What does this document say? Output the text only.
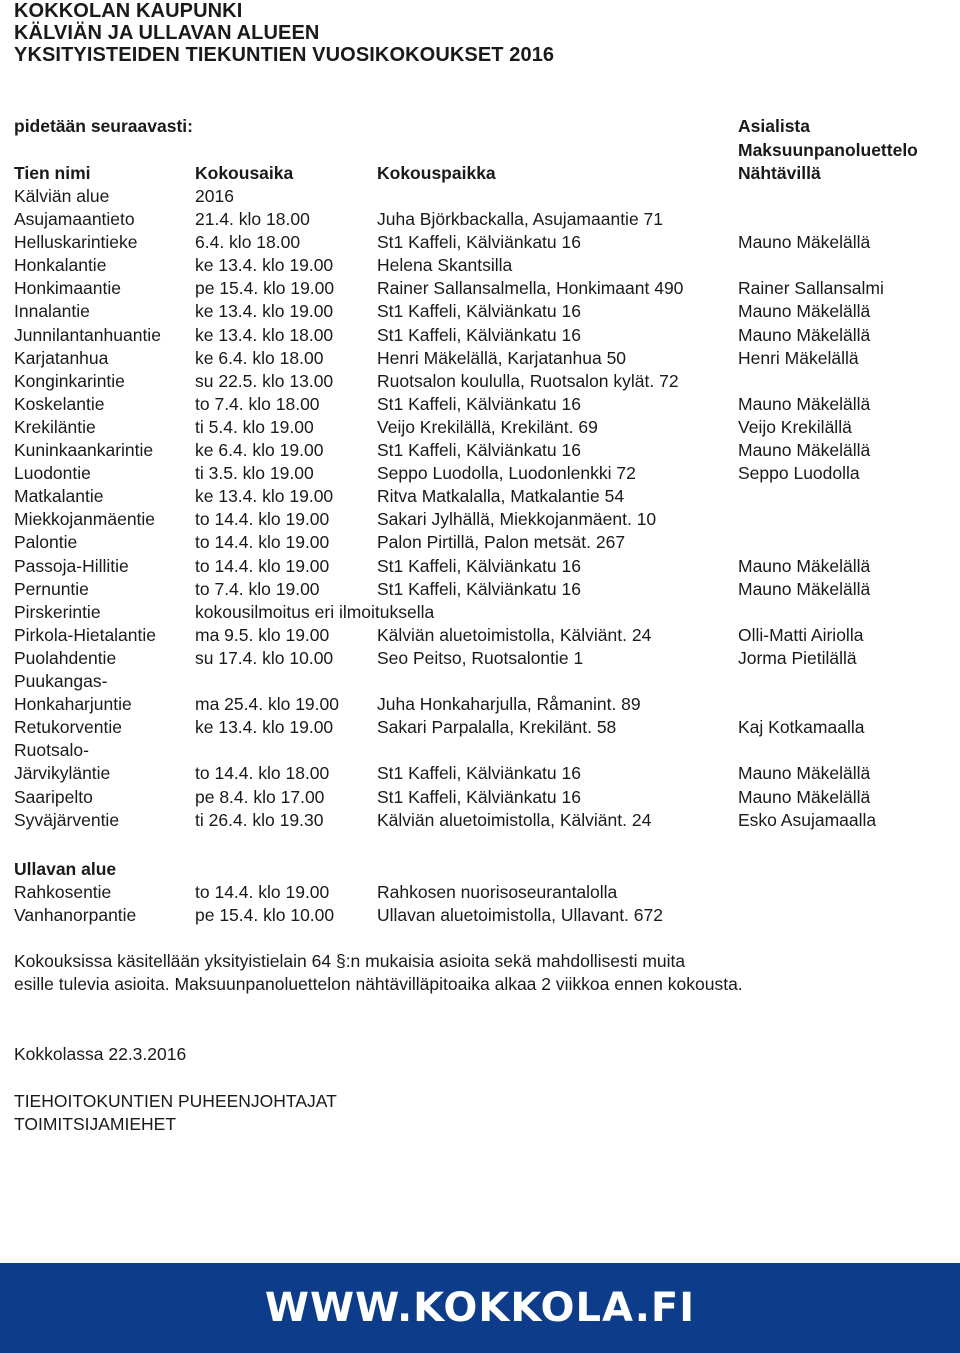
KOKKOLAN KAUPUNKI
KÄLVIÄN JA ULLAVAN ALUEEN
YKSITYISTEIDEN TIEKUNTIEN VUOSIKOKOUKSET 2016
pidetään seuraavasti:	Asialista
Maksuunpanoluettelo
Tien nimi	Kokousaika	Kokouspaikka	Nähtävillä
Kälviän alue	2016
Asujamaantieto	21.4. klo 18.00	Juha Björkbackalla, Asujamaantie 71
Helluskarintieke	6.4. klo 18.00	St1 Kaffeli, Kälviänkatu 16	Mauno Mäkelällä
Honkalantie	ke 13.4. klo 19.00	Helena Skantsilla
Honkimaantie	pe 15.4. klo 19.00 Rainer Sallansalmella, Honkimaant 490	Rainer Sallansalmi
Innalantie	ke 13.4. klo 19.00	St1 Kaffeli, Kälviänkatu 16	Mauno Mäkelällä
Junnilantanhuantie ke 13.4. klo 18.00	St1 Kaffeli, Kälviänkatu 16	Mauno Mäkelällä
Karjatanhua	ke 6.4. klo 18.00	Henri Mäkelällä, Karjatanhua 50	Henri Mäkelällä
Konginkarintie	su 22.5. klo 13.00	Ruotsalon koululla, Ruotsalon kylät. 72
Koskelantie	to 7.4. klo 18.00	St1 Kaffeli, Kälviänkatu 16	Mauno Mäkelällä
Krekiläntie	ti 5.4. klo 19.00	Veijo Krekilällä, Krekilänt. 69	Veijo Krekilällä
Kuninkaankarintie ke 6.4. klo 19.00	St1 Kaffeli, Kälviänkatu 16	Mauno Mäkelällä
Luodontie	ti 3.5. klo 19.00	Seppo Luodolla, Luodonlenkki 72	Seppo Luodolla
Matkalantie	ke 13.4. klo 19.00	Ritva Matkalalla, Matkalantie 54
Miekkojanmäentie to 14.4. klo 19.00	Sakari Jylhällä, Miekkojanmäent. 10
Palontie	to 14.4. klo 19.00	Palon Pirtillä, Palon metsät. 267
Passoja-Hillitie	to 14.4. klo 19.00	St1 Kaffeli, Kälviänkatu 16	Mauno Mäkelällä
Pernuntie	to 7.4. klo 19.00	St1 Kaffeli, Kälviänkatu 16	Mauno Mäkelällä
Pirskerintie	kokousilmoitus eri ilmoituksella
Pirkola-Hietalantie ma 9.5. klo 19.00	Kälviän aluetoimistolla, Kälviänt. 24	Olli-Matti Airiolla
Puolahdentie	su 17.4. klo 10.00	Seo Peitso, Ruotsalontie 1	Jorma Pietilällä
Puukangas-
Honkaharjuntie	ma 25.4. klo 19.00 Juha Honkaharjulla, Råmanint. 89
Retukorventie	ke 13.4. klo 19.00	Sakari Parpalalla, Krekilänt. 58	Kaj Kotkamaalla
Ruotsalo-
Järvikyläntie	to 14.4. klo 18.00	St1 Kaffeli, Kälviänkatu 16	Mauno Mäkelällä
Saaripelto	pe 8.4. klo 17.00	St1 Kaffeli, Kälviänkatu 16	Mauno Mäkelällä
Syväjärventie	ti 26.4. klo 19.30	Kälviän aluetoimistolla, Kälviänt. 24	Esko Asujamaalla
Ullavan alue
Rahkosentie	to 14.4. klo 19.00	Rahkosen nuorisoseurantalolla
Vanhanorpantie	pe 15.4. klo 10.00 Ullavan aluetoimistolla, Ullavant. 672
Kokouksissa käsitellään yksityistielain 64 §:n mukaisia asioita sekä mahdollisesti muita
esille tulevia asioita. Maksuunpanoluettelon nähtävilläpitoaika alkaa 2 viikkoa ennen kokousta.
Kokkolassa 22.3.2016
TIEHOITOKUNTIEN PUHEENJOHTAJAT
TOIMITSIJAMIEHET
WWW.KOKKOLA.FI
